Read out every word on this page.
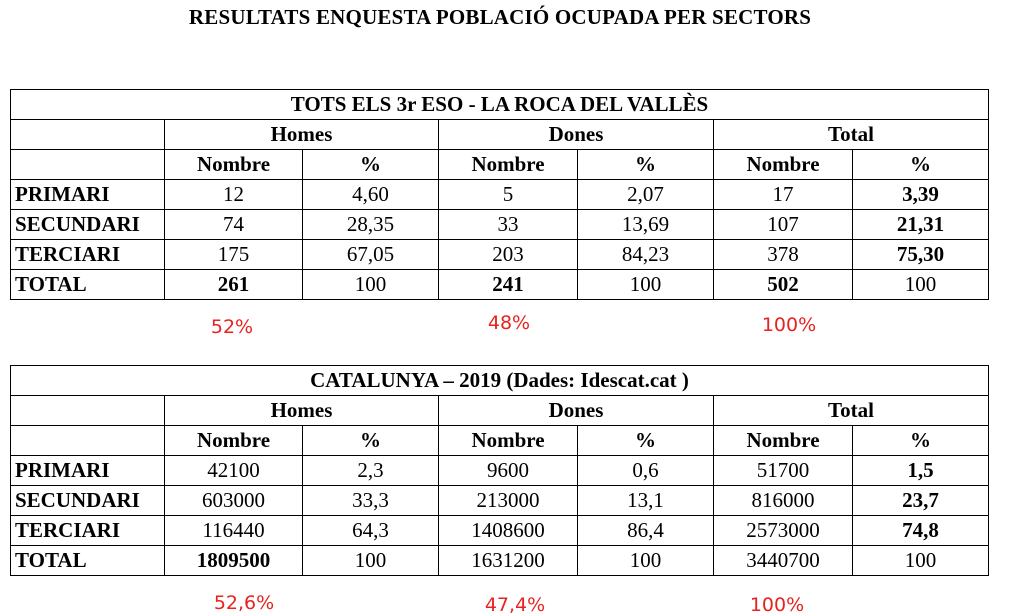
RESULTATS ENQUESTA POBLACIÓ OCUPADA PER SECTORS
TOTS ELS 3r ESO - LA ROCA DEL VALLÈS						
	Homes		Dones		Total	
	Nombre	%	Nombre	%	Nombre	%
PRIMARI	12	4,60	5	2,07	17	3,39
SECUNDARI	74	28,35	33	13,69	107	21,31
TERCIARI	175	67,05	203	84,23	378	75,30
TOTAL	261	100	241	100	502	100
52%	48%	100%
CATALUNYA – 2019 (Dades: Idescat.cat )						
	Homes		Dones		Total	
	Nombre	%	Nombre	%	Nombre	%
PRIMARI	42100	2,3	9600	0,6	51700	1,5
SECUNDARI	603000	33,3	213000	13,1	816000	23,7
TERCIARI	116440	64,3	1408600	86,4	2573000	74,8
TOTAL	1809500	100	1631200	100	3440700	100
52,6%	47,4%	100%
